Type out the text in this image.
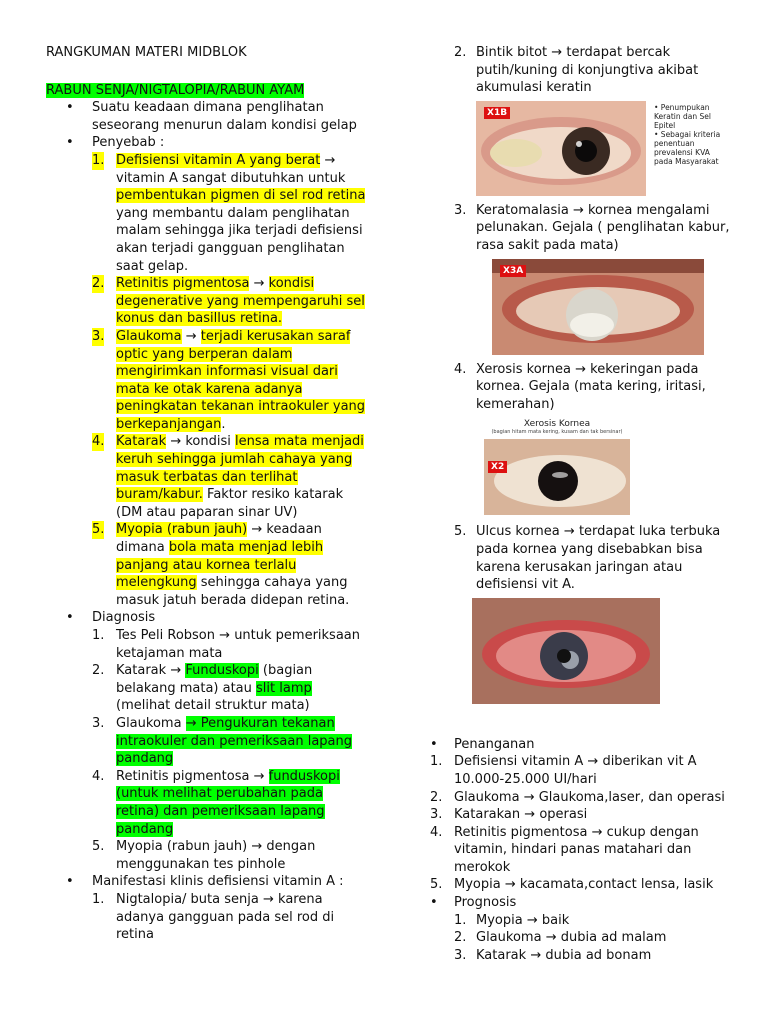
RANGKUMAN MATERI MIDBLOK

RABUN SENJA/NIGTALOPIA/RABUN AYAM

• Suatu keadaan dimana penglihatan seseorang menurun dalam kondisi gelap

• Penyebab :

1. Defisiensi vitamin A yang berat → vitamin A sangat dibutuhkan untuk pembentukan pigmen di sel rod retina yang membantu dalam penglihatan malam sehingga jika terjadi defisiensi akan terjadi gangguan penglihatan saat gelap.

2. Retinitis pigmentosa → kondisi degenerative yang mempengaruhi sel konus dan basillus retina.

3. Glaukoma → terjadi kerusakan saraf optic yang berperan dalam mengirimkan informasi visual dari mata ke otak karena adanya peningkatan tekanan intraokuler yang berkepanjangan.

4. Katarak → kondisi lensa mata menjadi keruh sehingga jumlah cahaya yang masuk terbatas dan terlihat buram/kabur. Faktor resiko katarak (DM atau paparan sinar UV)

5. Myopia (rabun jauh) → keadaan dimana bola mata menjad lebih panjang atau kornea terlalu melengkung sehingga cahaya yang masuk jatuh berada didepan retina.

• Diagnosis

1. Tes Peli Robson → untuk pemeriksaan ketajaman mata

2. Katarak → Funduskopi (bagian belakang mata) atau slit lamp (melihat detail struktur mata)

3. Glaukoma → Pengukuran tekanan intraokuler dan pemeriksaan lapang pandang

4. Retinitis pigmentosa → funduskopi (untuk melihat perubahan pada retina) dan pemeriksaan lapang pandang

5. Myopia (rabun jauh) → dengan menggunakan tes pinhole

• Manifestasi klinis defisiensi vitamin A :

1. Nigtalopia/ buta senja → karena adanya gangguan pada sel rod di retina

2. Bintik bitot → terdapat bercak putih/kuning di konjungtiva akibat akumulasi keratin

X1B
• Penumpukan Keratin dan Sel Epitel
• Sebagai kriteria penentuan prevalensi KVA pada Masyarakat

3. Keratomalasia → kornea mengalami pelunakan. Gejala ( penglihatan kabur, rasa sakit pada mata)

X3A

4. Xerosis kornea → kekeringan pada kornea. Gejala (mata kering, iritasi, kemerahan)

Xerosis Kornea
(bagian hitam mata kering, kusam dan tak bersinar)
X2

5. Ulcus kornea → terdapat luka terbuka pada kornea yang disebabkan bisa karena kerusakan jaringan atau defisiensi vit A.

• Penanganan

1. Defisiensi vitamin A → diberikan vit A 10.000-25.000 UI/hari

2. Glaukoma → Glaukoma,laser, dan operasi

3. Katarakan → operasi

4. Retinitis pigmentosa → cukup dengan vitamin, hindari panas matahari dan merokok

5. Myopia → kacamata,contact lensa, lasik

• Prognosis

1. Myopia → baik

2. Glaukoma → dubia ad malam

3. Katarak → dubia ad bonam
